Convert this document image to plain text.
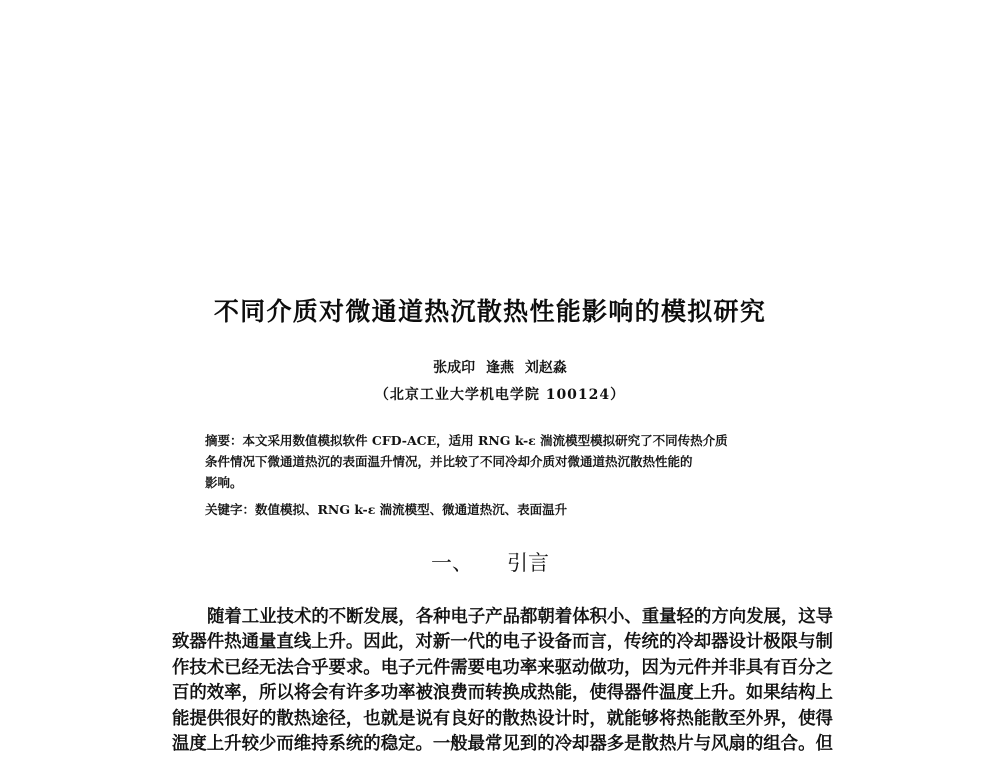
不同介质对微通道热沉散热性能影响的模拟研究
张成印 逢燕 刘赵淼
（北京工业大学机电学院 100124）
摘要：本文采用数值模拟软件 CFD-ACE，适用 RNG k-ε 湍流模型模拟研究了不同传热介质
条件情况下微通道热沉的表面温升情况，并比较了不同冷却介质对微通道热沉散热性能的
影响。
关键字：数值模拟、RNG k-ε 湍流模型、微通道热沉、表面温升
一、 引言
随着工业技术的不断发展，各种电子产品都朝着体积小、重量轻的方向发展，这导
致器件热通量直线上升。因此，对新一代的电子设备而言，传统的冷却器设计极限与制
作技术已经无法合乎要求。电子元件需要电功率来驱动做功，因为元件并非具有百分之
百的效率，所以将会有许多功率被浪费而转换成热能，使得器件温度上升。如果结构上
能提供很好的散热途径，也就是说有良好的散热设计时，就能够将热能散至外界，使得
温度上升较少而维持系统的稳定。一般最常见到的冷却器多是散热片与风扇的组合。但
